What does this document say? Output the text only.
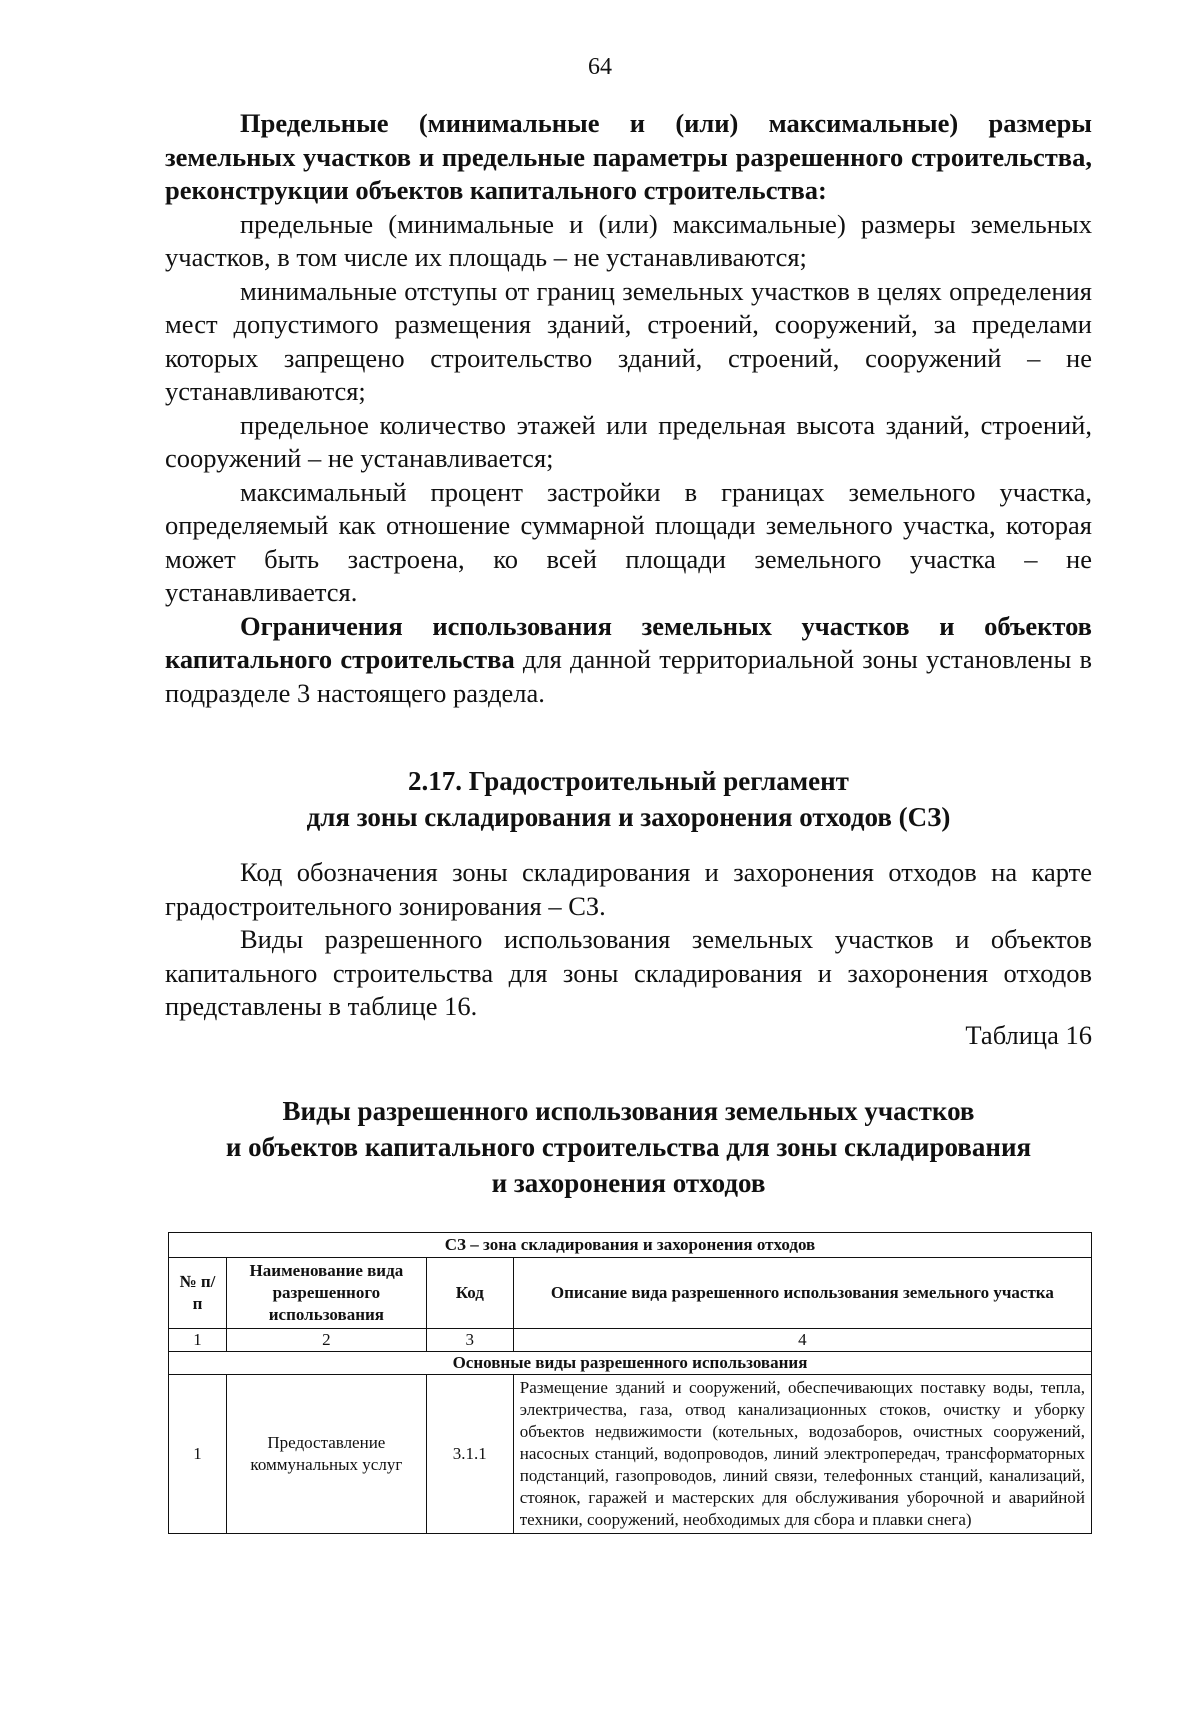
64

Предельные (минимальные и (или) максимальные) размеры земельных участков и предельные параметры разрешенного строительства, реконструкции объектов капитального строительства:

предельные (минимальные и (или) максимальные) размеры земельных участков, в том числе их площадь – не устанавливаются;

минимальные отступы от границ земельных участков в целях определения мест допустимого размещения зданий, строений, сооружений, за пределами которых запрещено строительство зданий, строений, сооружений – не устанавливаются;

предельное количество этажей или предельная высота зданий, строений, сооружений – не устанавливается;

максимальный процент застройки в границах земельного участка, определяемый как отношение суммарной площади земельного участка, которая может быть застроена, ко всей площади земельного участка – не устанавливается.

Ограничения использования земельных участков и объектов капитального строительства для данной территориальной зоны установлены в подразделе 3 настоящего раздела.

2.17. Градостроительный регламент
для зоны складирования и захоронения отходов (СЗ)

Код обозначения зоны складирования и захоронения отходов на карте градостроительного зонирования – СЗ.

Виды разрешенного использования земельных участков и объектов капитального строительства для зоны складирования и захоронения отходов представлены в таблице 16.

Таблица 16
Виды разрешенного использования земельных участков
и объектов капитального строительства для зоны складирования
и захоронения отходов
СЗ – зона складирования и захоронения отходов			
№ п/п	Наименование вида разрешенного использования	Код	Описание вида разрешенного использования земельного участка
1	2	3	4
Основные виды разрешенного использования			
1	Предоставление коммунальных услуг	3.1.1	Размещение зданий и сооружений, обеспечивающих поставку воды, тепла, электричества, газа, отвод канализационных стоков, очистку и уборку объектов недвижимости (котельных, водозаборов, очистных сооружений, насосных станций, водопроводов, линий электропередач, трансформаторных подстанций, газопроводов, линий связи, телефонных станций, канализаций, стоянок, гаражей и мастерских для обслуживания уборочной и аварийной техники, сооружений, необходимых для сбора и плавки снега)
